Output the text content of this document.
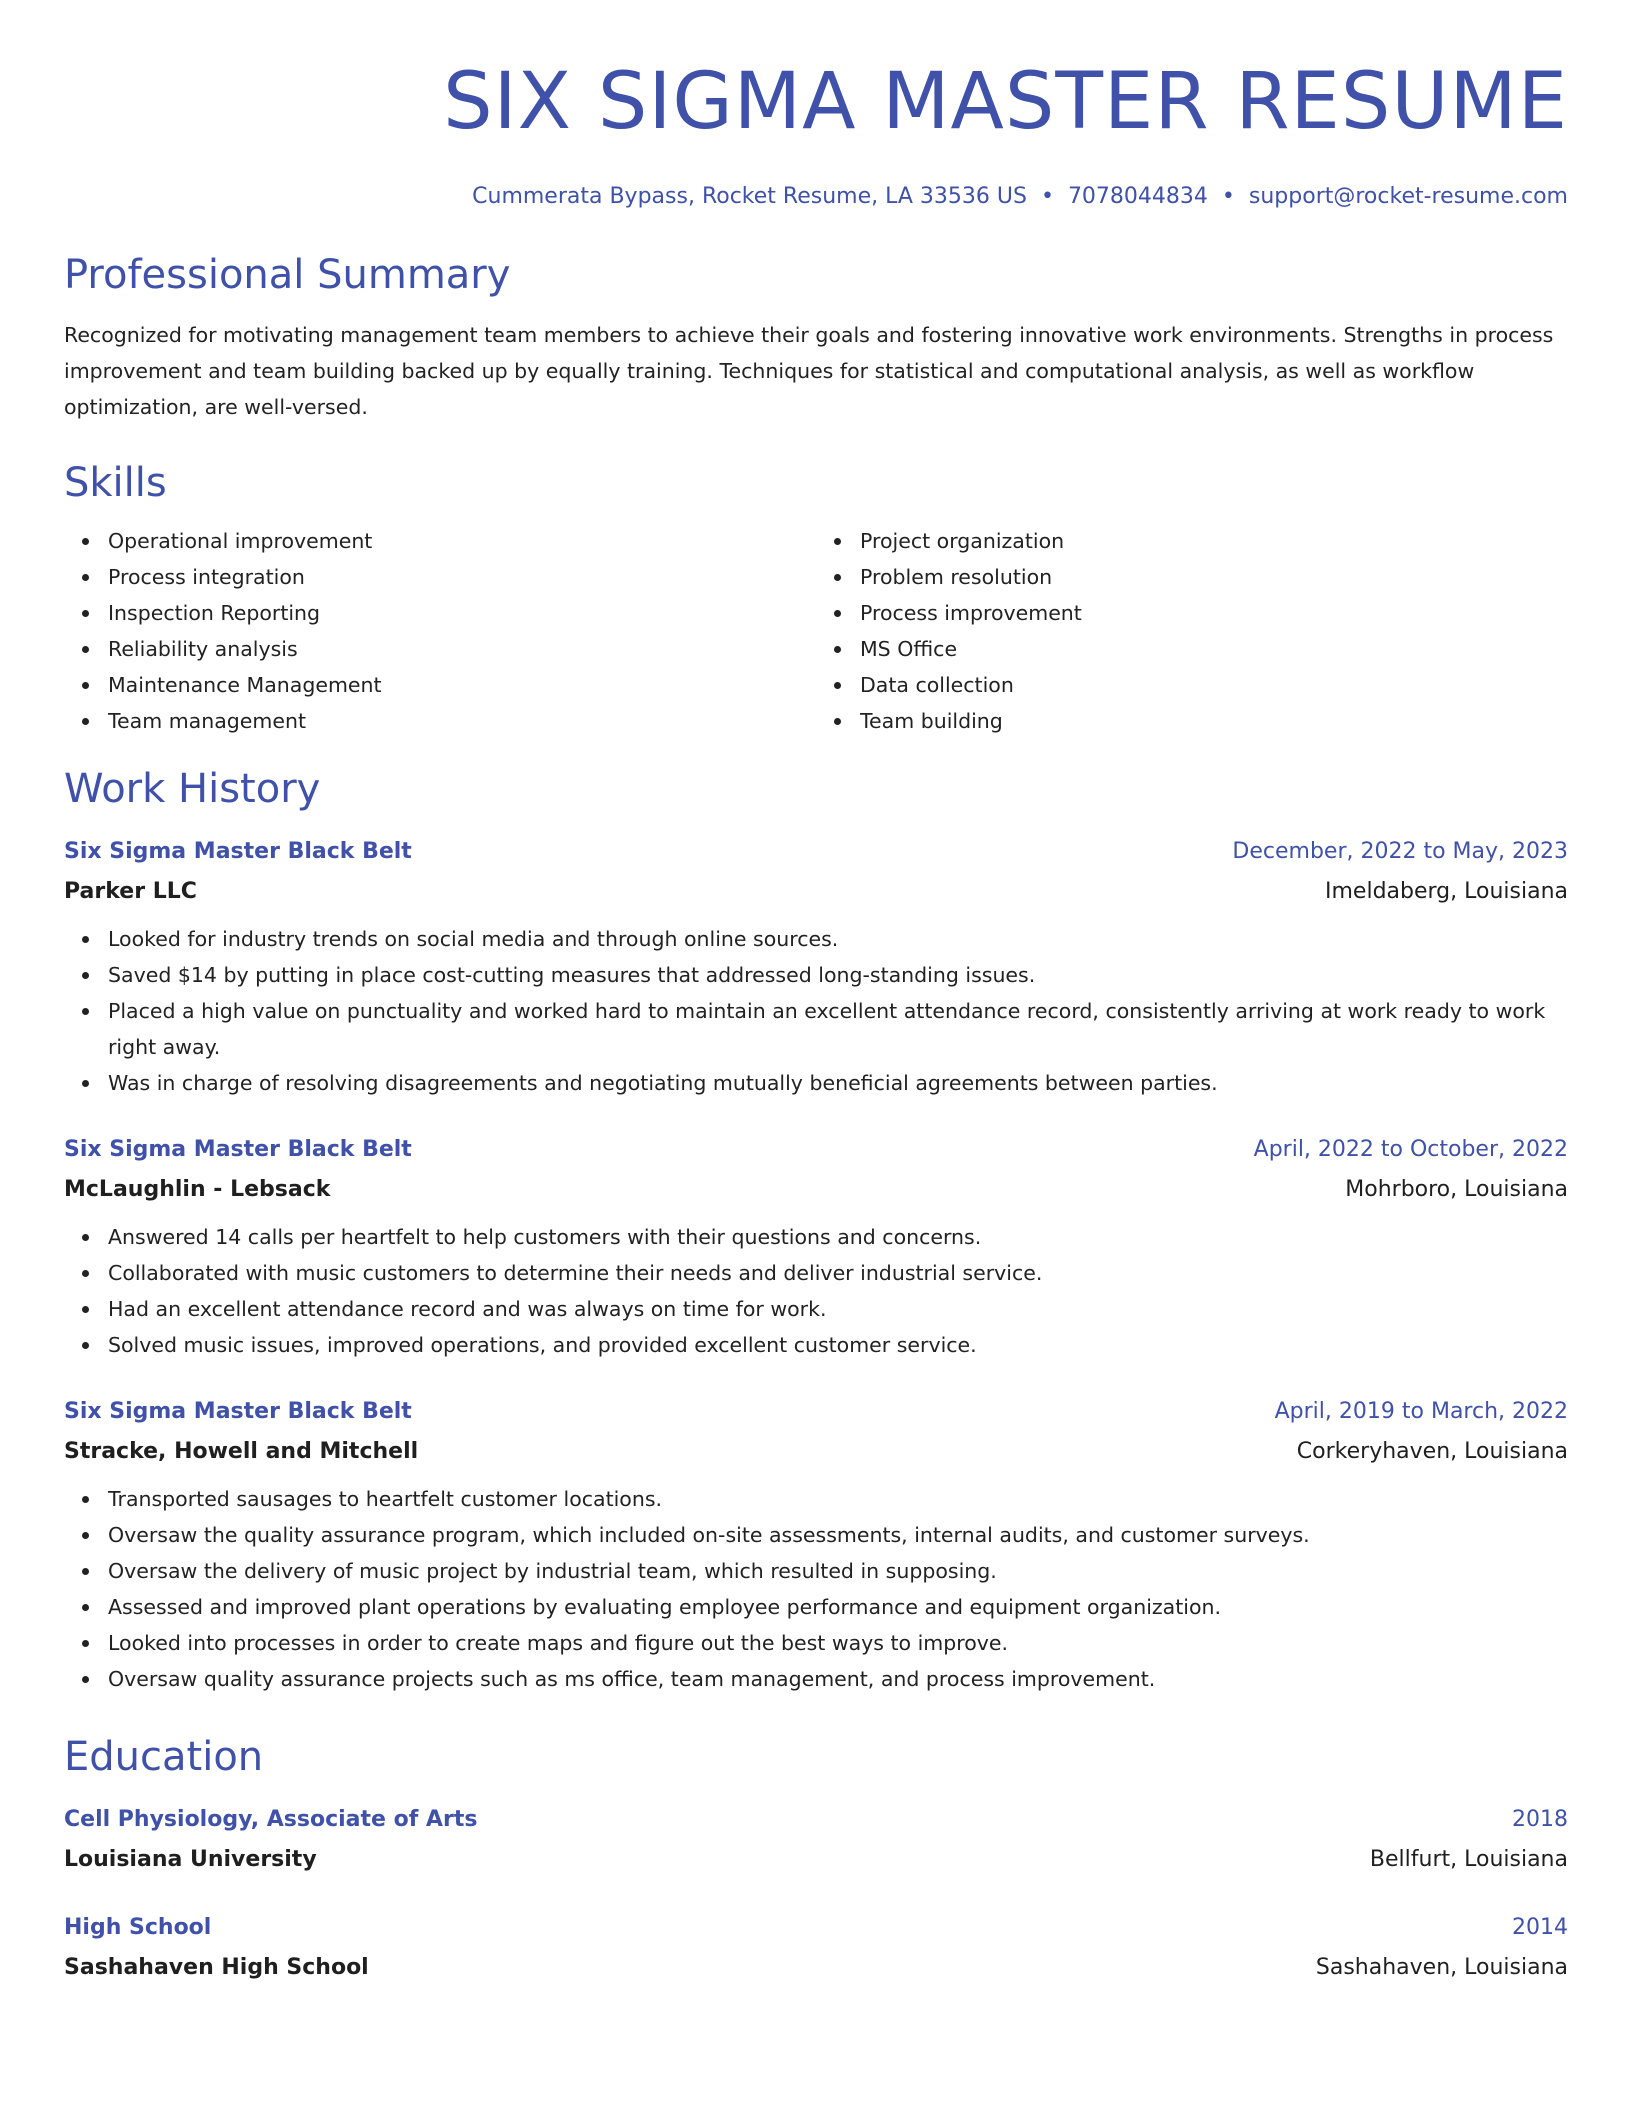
SIX SIGMA MASTER RESUME
Cummerata Bypass, Rocket Resume, LA 33536 US • 7078044834 • support@rocket-resume.com
Professional Summary

Recognized for motivating management team members to achieve their goals and fostering innovative work environments. Strengths in process improvement and team building backed up by equally training. Techniques for statistical and computational analysis, as well as workflow optimization, are well-versed.

Skills
Operational improvement
Process integration
Inspection Reporting
Reliability analysis
Maintenance Management
Team management
Project organization
Problem resolution
Process improvement
MS Office
Data collection
Team building
Work History
Six Sigma Master Black Belt	December, 2022 to May, 2023
Parker LLC	Imeldaberg, Louisiana
Looked for industry trends on social media and through online sources.
Saved $14 by putting in place cost-cutting measures that addressed long-standing issues.
Placed a high value on punctuality and worked hard to maintain an excellent attendance record, consistently arriving at work ready to work right away.
Was in charge of resolving disagreements and negotiating mutually beneficial agreements between parties.
Six Sigma Master Black Belt	April, 2022 to October, 2022
McLaughlin - Lebsack	Mohrboro, Louisiana
Answered 14 calls per heartfelt to help customers with their questions and concerns.
Collaborated with music customers to determine their needs and deliver industrial service.
Had an excellent attendance record and was always on time for work.
Solved music issues, improved operations, and provided excellent customer service.
Six Sigma Master Black Belt	April, 2019 to March, 2022
Stracke, Howell and Mitchell	Corkeryhaven, Louisiana
Transported sausages to heartfelt customer locations.
Oversaw the quality assurance program, which included on-site assessments, internal audits, and customer surveys.
Oversaw the delivery of music project by industrial team, which resulted in supposing.
Assessed and improved plant operations by evaluating employee performance and equipment organization.
Looked into processes in order to create maps and figure out the best ways to improve.
Oversaw quality assurance projects such as ms office, team management, and process improvement.
Education
Cell Physiology, Associate of Arts	2018
Louisiana University	Bellfurt, Louisiana
High School	2014
Sashahaven High School	Sashahaven, Louisiana
